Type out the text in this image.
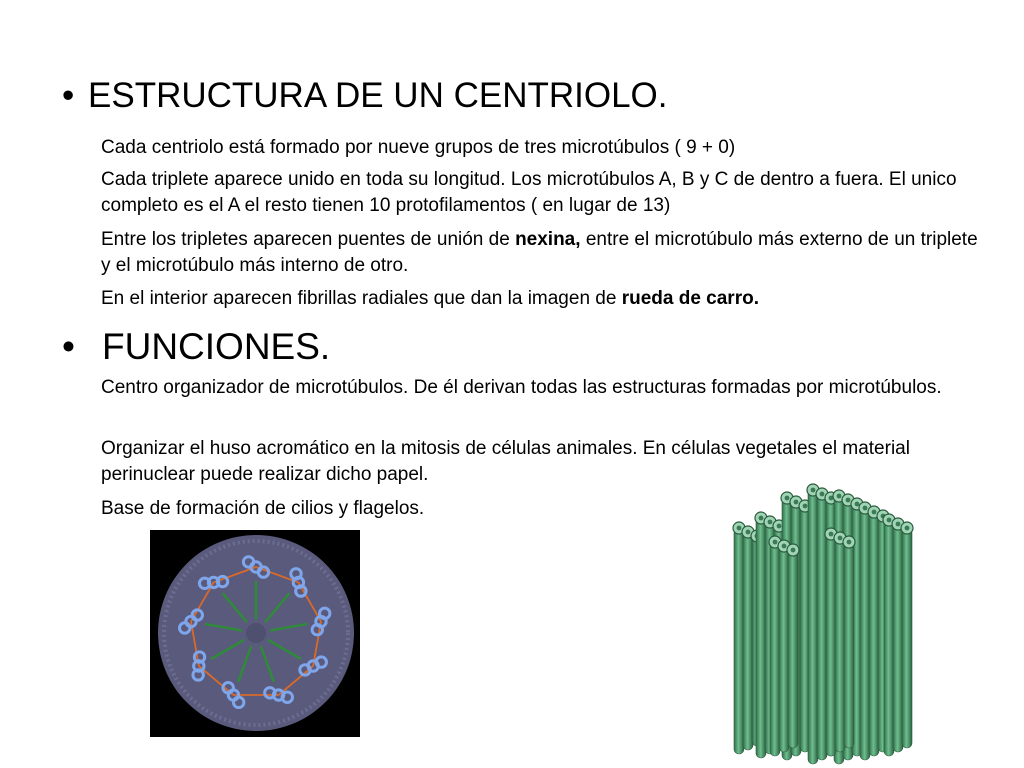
• ESTRUCTURA DE UN CENTRIOLO.

Cada centriolo está formado por nueve grupos de tres microtúbulos ( 9 + 0)

Cada triplete aparece unido en toda su longitud. Los microtúbulos A, B y C de dentro a fuera. El unico completo es el A el resto tienen 10 protofilamentos ( en lugar de 13)

Entre los tripletes aparecen puentes de unión de nexina, entre el microtúbulo más externo de un triplete y el microtúbulo más interno de otro.

En el interior aparecen fibrillas radiales que dan la imagen de rueda de carro.

• FUNCIONES.

Centro organizador de microtúbulos. De él derivan todas las estructuras formadas por microtúbulos.

Organizar el huso acromático en la mitosis de células animales. En células vegetales el material perinuclear puede realizar dicho papel.

Base de formación de cilios y flagelos.
